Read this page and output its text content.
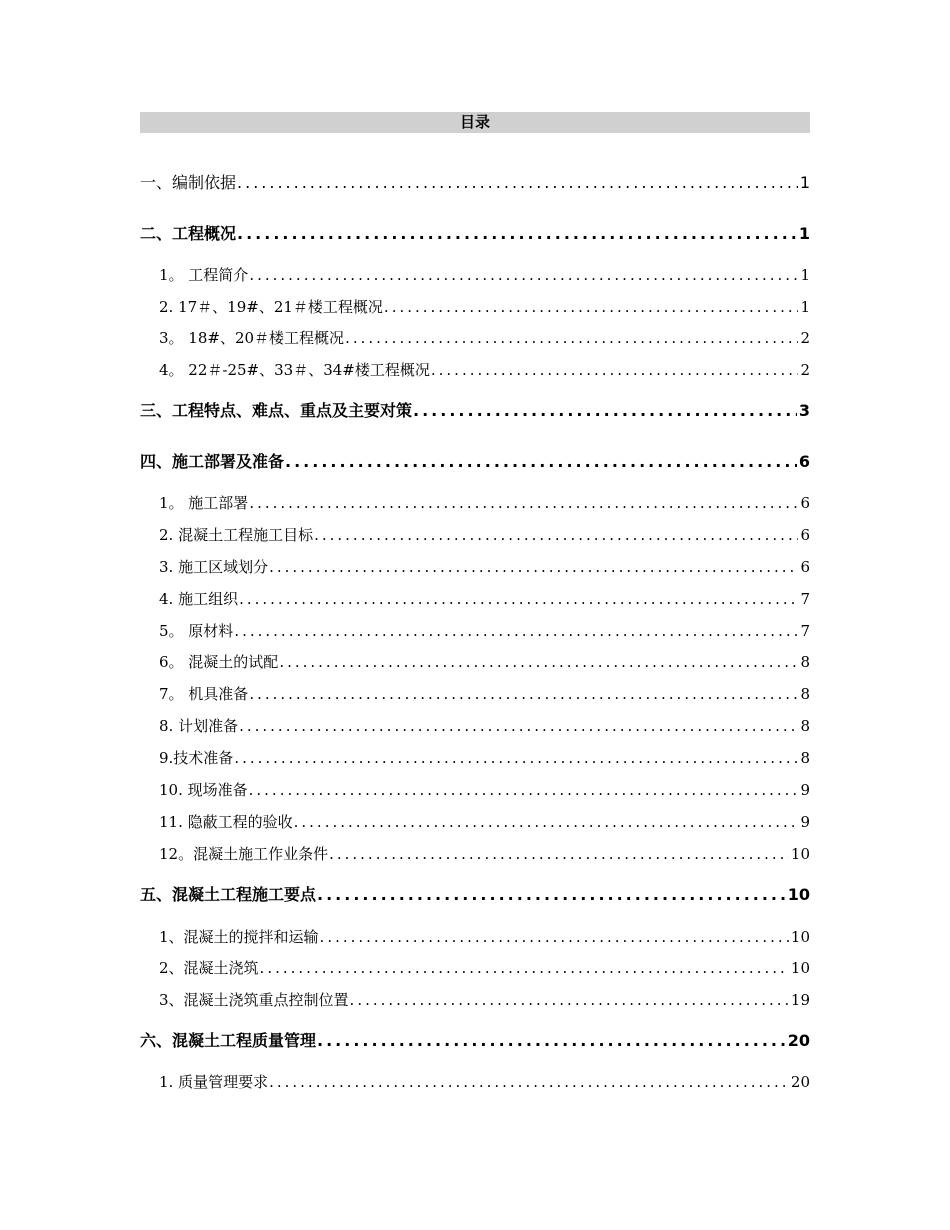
目录
一、编制依据 .....	1
二、工程概况 .....	1
1。 工程简介 .....	1
2. 17＃、19#、21＃楼工程概况 .....	1
3。 18#、20＃楼工程概况 .....	2
4。 22＃-25#、33＃、34#楼工程概况 .....	2
三、工程特点、难点、重点及主要对策 .....	3
四、施工部署及准备 .....	6
1。 施工部署 .....	6
2. 混凝土工程施工目标 .....	6
3. 施工区域划分 .....	6
4. 施工组织 .....	7
5。 原材料 .....	7
6。 混凝土的试配 .....	8
7。 机具准备 .....	8
8. 计划准备 .....	8
9.技术准备 .....	8
10. 现场准备 .....	9
11. 隐蔽工程的验收 .....	9
12。混凝土施工作业条件 .....	10
五、混凝土工程施工要点 .....	10
1、混凝土的搅拌和运输 .....	10
2、混凝土浇筑 .....	10
3、混凝土浇筑重点控制位置 .....	19
六、混凝土工程质量管理 .....	20
1. 质量管理要求 .....	20
